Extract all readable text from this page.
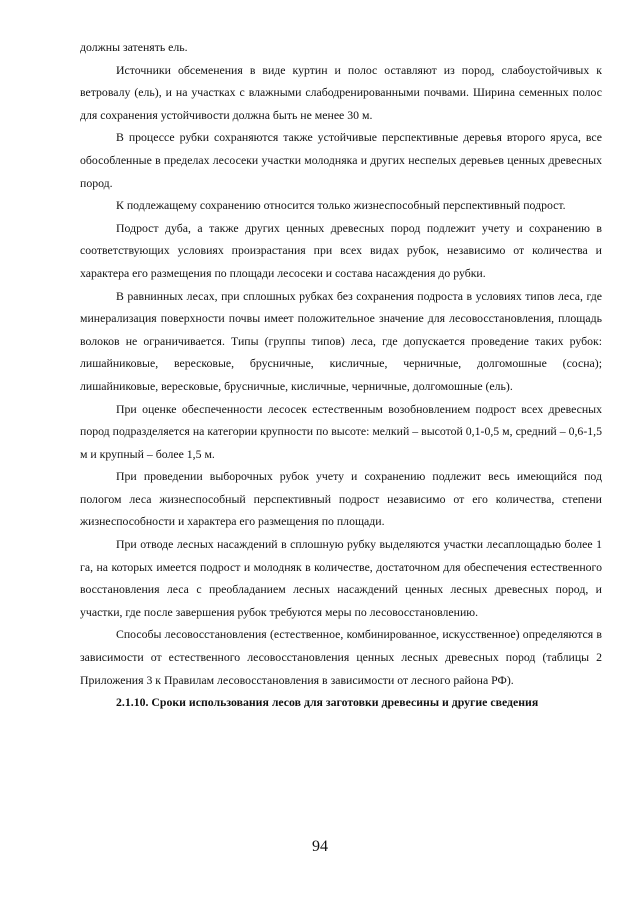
должны затенять ель.

Источники обсеменения в виде куртин и полос оставляют из пород, слабоустойчивых к ветровалу (ель), и на участках с влажными слабодренированными почвами. Ширина семенных полос для сохранения устойчивости должна быть не менее 30 м.

В процессе рубки сохраняются также устойчивые перспективные деревья второго яруса, все обособленные в пределах лесосеки участки молодняка и других неспелых деревьев ценных древесных пород.

К подлежащему сохранению относится только жизнеспособный перспективный подрост.

Подрост дуба, а также других ценных древесных пород подлежит учету и сохранению в соответствующих условиях произрастания при всех видах рубок, независимо от количества и характера его размещения по площади лесосеки и состава насаждения до рубки.

В равнинных лесах, при сплошных рубках без сохранения подроста в условиях типов леса, где минерализация поверхности почвы имеет положительное значение для лесовосстановления, площадь волоков не ограничивается. Типы (группы типов) леса, где допускается проведение таких рубок: лишайниковые, вересковые, брусничные, кисличные, черничные, долгомошные (сосна); лишайниковые, вересковые, брусничные, кисличные, черничные, долгомошные (ель).

При оценке обеспеченности лесосек естественным возобновлением подрост всех древесных пород подразделяется на категории крупности по высоте: мелкий – высотой 0,1-0,5 м, средний – 0,6-1,5 м и крупный – более 1,5 м.

При проведении выборочных рубок учету и сохранению подлежит весь имеющийся под пологом леса жизнеспособный перспективный подрост независимо от его количества, степени жизнеспособности и характера его размещения по площади.

При отводе лесных насаждений в сплошную рубку выделяются участки лесаплощадью более 1 га, на которых имеется подрост и молодняк в количестве, достаточном для обеспечения естественного восстановления леса с преобладанием лесных насаждений ценных лесных древесных пород, и участки, где после завершения рубок требуются меры по лесовосстановлению.

Способы лесовосстановления (естественное, комбинированное, искусственное) определяются в зависимости от естественного лесовосстановления ценных лесных древесных пород (таблицы 2 Приложения 3 к Правилам лесовосстановления в зависимости от лесного района РФ).

2.1.10. Сроки использования лесов для заготовки древесины и другие сведения

94
